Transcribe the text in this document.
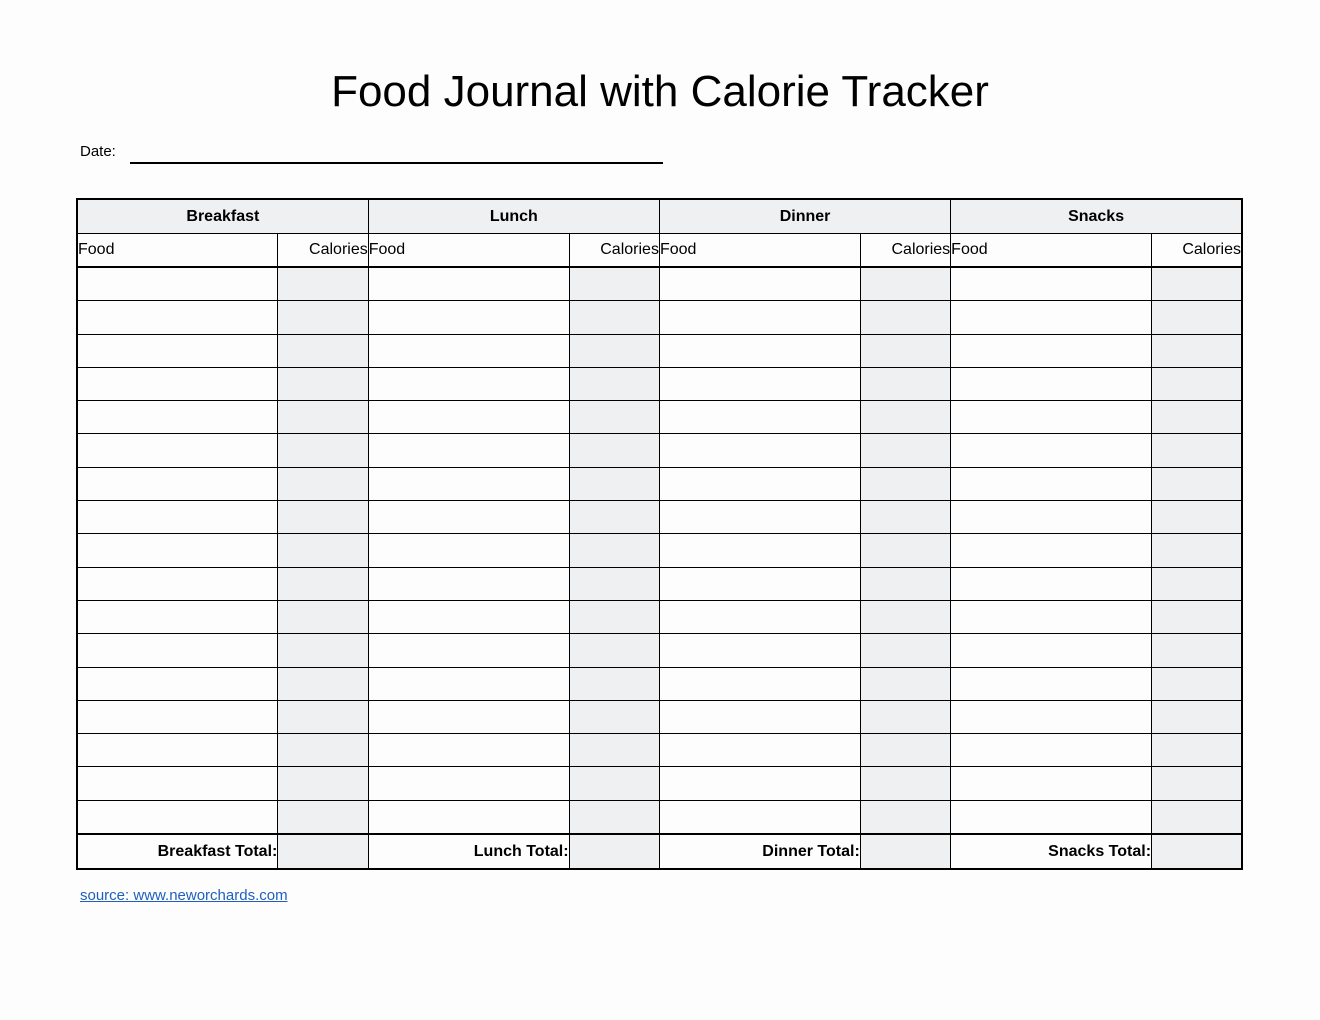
Food Journal with Calorie Tracker
Date:
Breakfast		Lunch		Dinner		Snacks	
Food	Calories	Food	Calories	Food	Calories	Food	Calories

Breakfast Total:		Lunch Total:		Dinner Total:		Snacks Total:	
source: www.neworchards.com
